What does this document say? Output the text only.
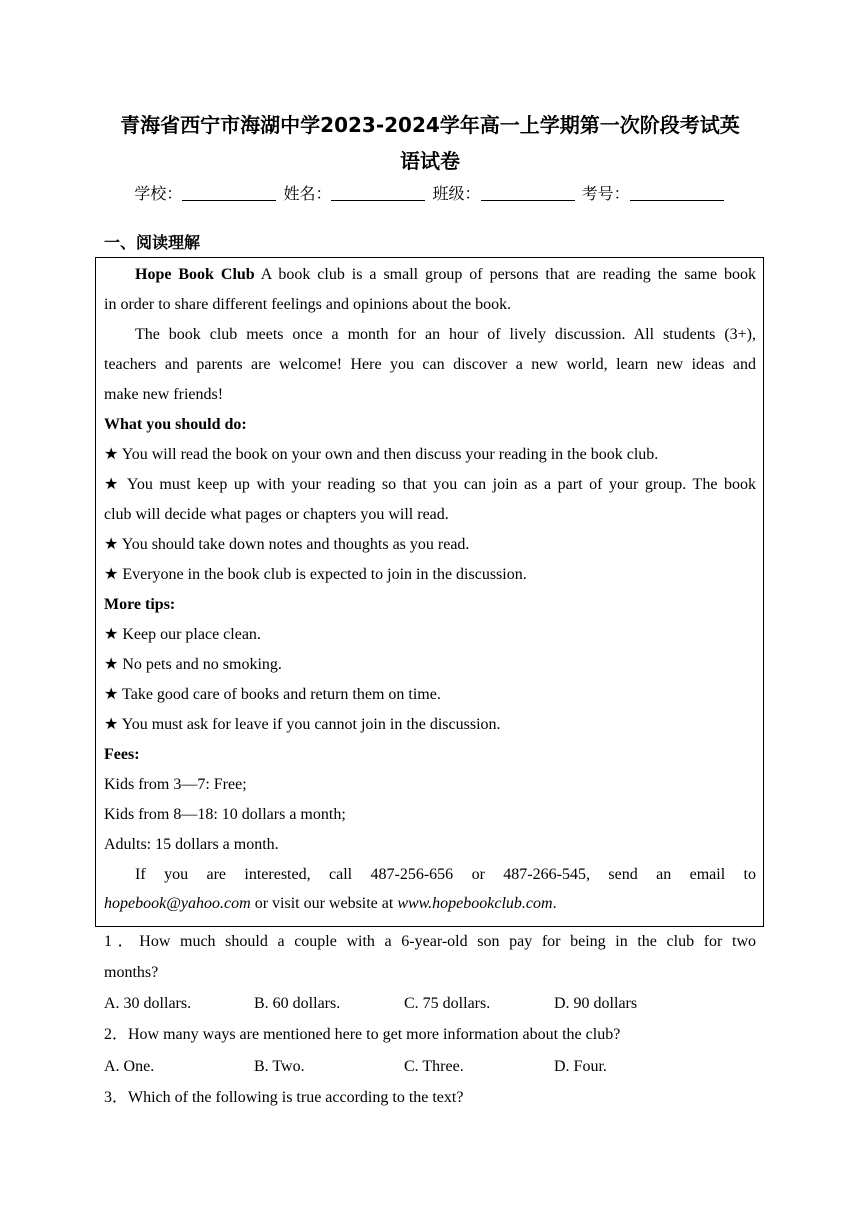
青海省西宁市海湖中学2023-2024学年高一上学期第一次阶段考试英
语试卷
学校：	姓名：	班级：	考号：
一、阅读理解
Hope Book Club A book club is a small group of persons that are reading the same book
in order to share different feelings and opinions about the book.
The book club meets once a month for an hour of lively discussion. All students (3+),
teachers and parents are welcome! Here you can discover a new world, learn new ideas and
make new friends!
What you should do:
★ You will read the book on your own and then discuss your reading in the book club.
★ You must keep up with your reading so that you can join as a part of your group. The book
club will decide what pages or chapters you will read.
★ You should take down notes and thoughts as you read.
★ Everyone in the book club is expected to join in the discussion.
More tips:
★ Keep our place clean.
★ No pets and no smoking.
★ Take good care of books and return them on time.
★ You must ask for leave if you cannot join in the discussion.
Fees:
Kids from 3—7: Free;
Kids from 8—18: 10 dollars a month;
Adults: 15 dollars a month.
If you are interested, call 487-256-656 or 487-266-545, send an email to
hopebook@yahoo.com or visit our website at www.hopebookclub.com.
1．How much should a couple with a 6-year-old son pay for being in the club for two
months?
A. 30 dollars.	B. 60 dollars.	C. 75 dollars.	D. 90 dollars
2．How many ways are mentioned here to get more information about the club?
A. One.	B. Two.	C. Three.	D. Four.
3．Which of the following is true according to the text?
